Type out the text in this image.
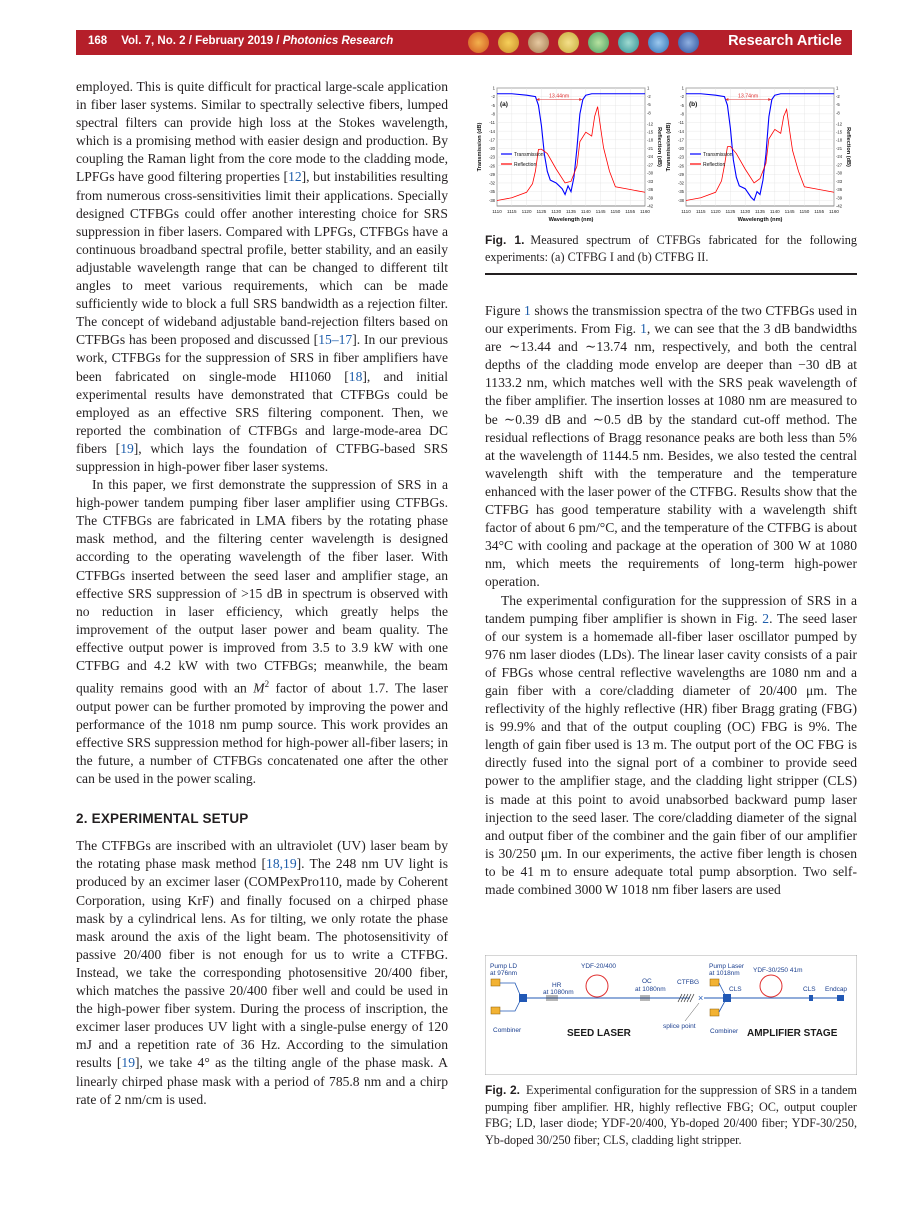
168 Vol. 7, No. 2 / February 2019 / Photonics Research	Research Article

employed. This is quite difficult for practical large-scale application in fiber laser systems. Similar to spectrally selective fibers, lumped spectral filters can provide high loss at the Stokes wavelength, which is a promising method with easier design and production. By coupling the Raman light from the core mode to the cladding mode, LPFGs have good filtering properties [12], but instabilities resulting from numerous cross-sensitivities limit their applications. Specially designed CTFBGs could offer another interesting choice for SRS suppression in fiber lasers. Compared with LPFGs, CTFBGs have a continuous broadband spectral profile, better stability, and an easily adjustable wavelength range that can be changed to different tilt angles to meet various requirements, which can be made sufficiently wide to block a full SRS bandwidth as a rejection filter. The concept of wideband adjustable band-rejection filters based on CTFBGs has been proposed and discussed [15–17]. In our previous work, CTFBGs for the suppression of SRS in fiber amplifiers have been fabricated on single-mode HI1060 [18], and initial experimental results have demonstrated that CTFBGs could be employed as an effective SRS filtering component. Then, we reported the combination of CTFBGs and large-mode-area DC fibers [19], which lays the foundation of CTFBG-based SRS suppression in high-power fiber laser systems.

In this paper, we first demonstrate the suppression of SRS in a high-power tandem pumping fiber laser amplifier using CTFBGs. The CTFBGs are fabricated in LMA fibers by the rotating phase mask method, and the filtering center wavelength is designed according to the operating wavelength of the fiber laser. With CTFBGs inserted between the seed laser and amplifier stage, an effective SRS suppression of >15 dB in spectrum is observed with no reduction in laser efficiency, which greatly helps the improvement of the output laser power and beam quality. The effective output power is improved from 3.5 to 3.9 kW with one CTFBG and 4.2 kW with two CTFBGs; meanwhile, the beam quality remains good with an $M^2$ factor of about 1.7. The laser output power can be further promoted by improving the power and performance of the 1018 nm pump source. This work provides an effective SRS suppression method for high-power all-fiber lasers; in the future, a number of CTFBGs concatenated one after the other can be used in the power scaling.

2. EXPERIMENTAL SETUP

The CTFBGs are inscribed with an ultraviolet (UV) laser beam by the rotating phase mask method [18,19]. The 248 nm UV light is produced by an excimer laser (COMPexPro110, made by Coherent Corporation, using KrF) and finally focused on a chirped phase mask by a cylindrical lens. As for tilting, we only rotate the phase mask around the axis of the light beam. The photosensitivity of passive 20/400 fiber is not enough for us to write a CTFBG. Instead, we take the corresponding photosensitive 20/400 fiber, which matches the passive 20/400 fiber well and could be used in the high-power fiber system. During the process of inscription, the excimer laser produces UV light with a single-pulse energy of 120 mJ and a repetition rate of 36 Hz. According to the simulation results [19], we take 4° as the tilting angle of the phase mask. A linearly chirped phase mask with a period of 785.8 nm and a chirp rate of 2 nm/cm is used.

1110 1115 1120 1125 1130 1135 1140 1145 1150 1155 1160
1
-2
-5
-8
-11
-14
-17
-20
-23
-26
-29
-32
-35
-38
1
-2
-5
-8
-12
-15
-18
-21
-24
-27
-30
-33
-36
-39
-42
13.44nm
(a)
Transmission
Reflection
Wavelength (nm)
Transmission (dB)	Reflection (dB)
1110 1115 1120 1125 1130 1135 1140 1145 1150 1155 1160
1
-2
-5
-8
-11
-14
-17
-20
-23
-26
-29
-32
-35
-38
1
-2
-5
-8
-12
-15
-18
-21
-24
-27
-30
-33
-36
-39
-42
13.74nm
(b)
Transmission
Reflection
Wavelength (nm)
Transmission (dB)	Reflection (dB)
Fig. 1. Measured spectrum of CTFBGs fabricated for the following experiments: (a) CTFBG I and (b) CTFBG II.

Figure 1 shows the transmission spectra of the two CTFBGs used in our experiments. From Fig. 1, we can see that the 3 dB bandwidths are ∼13.44 and ∼13.74 nm, respectively, and both the central depths of the cladding mode envelop are deeper than −30 dB at 1133.2 nm, which matches well with the SRS peak wavelength of the fiber amplifier. The insertion losses at 1080 nm are measured to be ∼0.39 dB and ∼0.5 dB by the standard cut-off method. The residual reflections of Bragg resonance peaks are both less than 5% at the wavelength of 1144.5 nm. Besides, we also tested the central wavelength shift with the temperature and the temperature enhanced with the laser power of the CTFBG. Results show that the CTFBG has good temperature stability with a wavelength shift factor of about 6 pm/°C, and the temperature of the CTFBG is about 34°C with cooling and package at the operation of 300 W at 1080 nm, which meets the requirements of long-term high-power operation.

The experimental configuration for the suppression of SRS in a tandem pumping fiber amplifier is shown in Fig. 2. The seed laser of our system is a homemade all-fiber laser oscillator pumped by 976 nm laser diodes (LDs). The linear laser cavity consists of a pair of FBGs whose central reflective wavelengths are 1080 nm and a gain fiber with a core/cladding diameter of 20/400 μm. The reflectivity of the highly reflective (HR) fiber Bragg grating (FBG) is 99.9% and that of the output coupling (OC) FBG is 9%. The length of gain fiber used is 13 m. The output port of the OC FBG is directly fused into the signal port of a combiner to provide seed power to the amplifier stage, and the cladding light stripper (CLS) is made at this point to avoid unabsorbed backward pump laser injection to the seed laser. The core/cladding diameter of the signal and output fiber of the combiner and the gain fiber of our amplifier is 30/250 μm. In our experiments, the active fiber length is chosen to be 41 m to ensure adequate total pump absorption. Two self-made combined 3000 W 1018 nm fiber lasers are used

Pump LD
at 976nm
Combiner
HR
at 1080nm
YDF-20/400
OC
at 1080nm
CTFBG
×
splice point
SEED LASER
Pump Laser
at 1018nm
CLS
Combiner
YDF-30/250 41m
CLS Endcap
AMPLIFIER STAGE
Fig. 2. Experimental configuration for the suppression of SRS in a tandem pumping fiber amplifier. HR, highly reflective FBG; OC, output coupler FBG; LD, laser diode; YDF-20/400, Yb-doped 20/400 fiber; YDF-30/250, Yb-doped 30/250 fiber; CLS, cladding light stripper.
